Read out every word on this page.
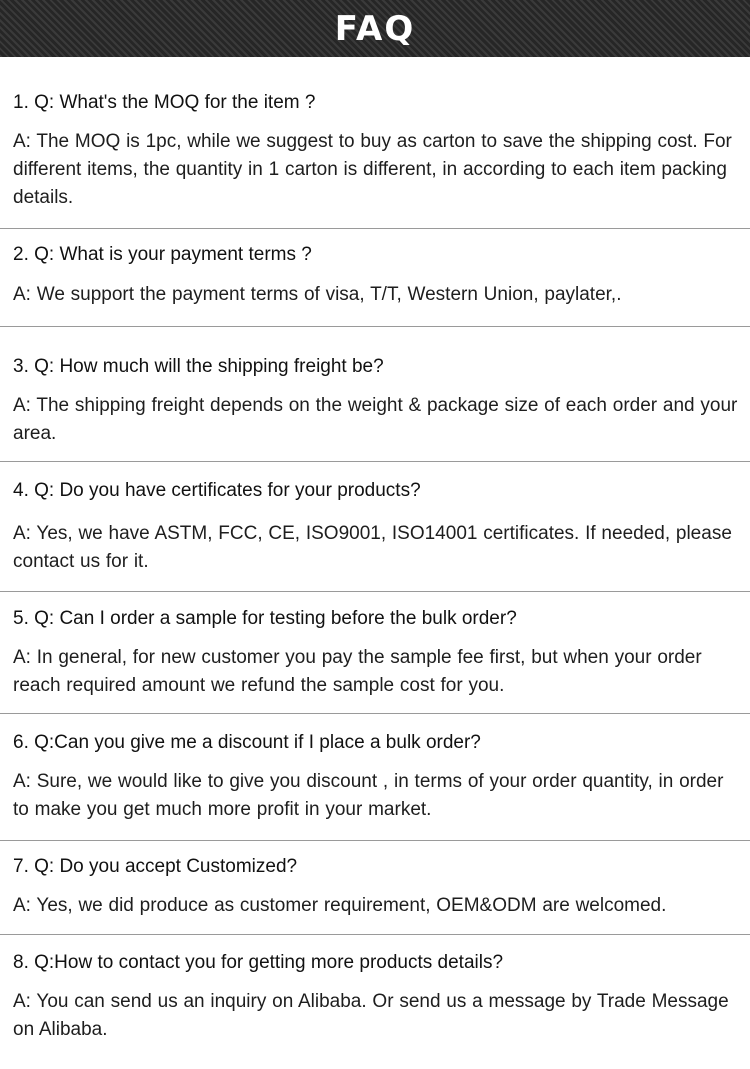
FAQ
1. Q: What's the MOQ for the item ?
A: The MOQ is 1pc, while we suggest to buy as carton to save the shipping cost. For different items, the quantity in 1 carton is different, in according to each item packing details.
2. Q: What is your payment terms ?
A: We support the payment terms of visa, T/T, Western Union, paylater,.
3. Q: How much will the shipping freight be?
A: The shipping freight depends on the weight & package size of each order and your area.
4. Q: Do you have certificates for your products?
A: Yes, we have ASTM, FCC, CE, ISO9001, ISO14001 certificates. If needed, please contact us for it.
5. Q: Can I order a sample for testing before the bulk order?
A: In general, for new customer you pay the sample fee first, but when your order reach required amount we refund the sample cost for you.
6. Q:Can you give me a discount if I place a bulk order?
A: Sure, we would like to give you discount , in terms of your order quantity, in order to make you get much more profit in your market.
7. Q: Do you accept Customized?
A: Yes, we did produce as customer requirement, OEM&ODM are welcomed.
8. Q:How to contact you for getting more products details?
A: You can send us an inquiry on Alibaba. Or send us a message by Trade Message on Alibaba.
